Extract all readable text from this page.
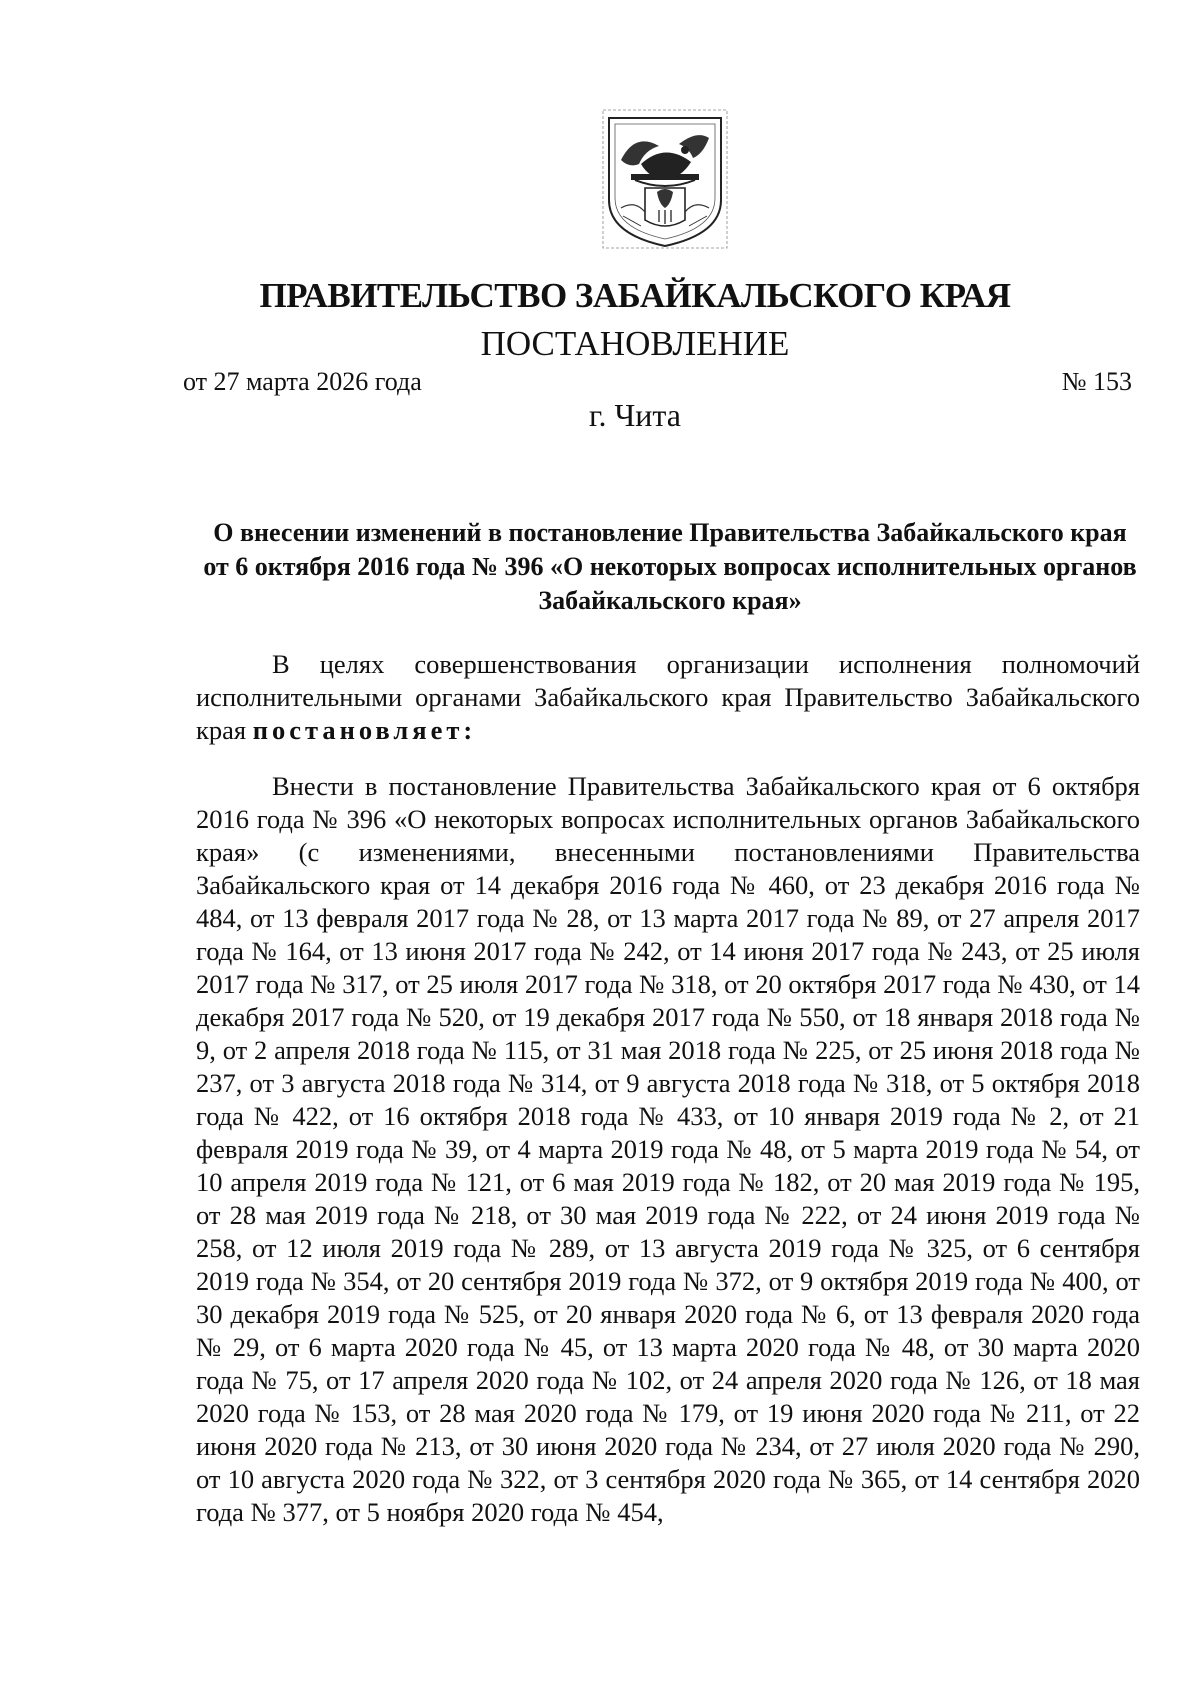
ПРАВИТЕЛЬСТВО ЗАБАЙКАЛЬСКОГО КРАЯ
ПОСТАНОВЛЕНИЕ
от 27 марта 2026 года	№ 153
г. Чита
О внесении изменений в постановление Правительства Забайкальского края от 6 октября 2016 года № 396 «О некоторых вопросах исполнительных органов Забайкальского края»

В целях совершенствования организации исполнения полномочий исполнительными органами Забайкальского края Правительство Забайкальского края постановляет:

Внести в постановление Правительства Забайкальского края от 6 октября 2016 года № 396 «О некоторых вопросах исполнительных органов Забайкальского края» (с изменениями, внесенными постановлениями Правительства Забайкальского края от 14 декабря 2016 года № 460, от 23 декабря 2016 года № 484, от 13 февраля 2017 года № 28, от 13 марта 2017 года № 89, от 27 апреля 2017 года № 164, от 13 июня 2017 года № 242, от 14 июня 2017 года № 243, от 25 июля 2017 года № 317, от 25 июля 2017 года № 318, от 20 октября 2017 года № 430, от 14 декабря 2017 года № 520, от 19 декабря 2017 года № 550, от 18 января 2018 года № 9, от 2 апреля 2018 года № 115, от 31 мая 2018 года № 225, от 25 июня 2018 года № 237, от 3 августа 2018 года № 314, от 9 августа 2018 года № 318, от 5 октября 2018 года № 422, от 16 октября 2018 года № 433, от 10 января 2019 года № 2, от 21 февраля 2019 года № 39, от 4 марта 2019 года № 48, от 5 марта 2019 года № 54, от 10 апреля 2019 года № 121, от 6 мая 2019 года № 182, от 20 мая 2019 года № 195, от 28 мая 2019 года № 218, от 30 мая 2019 года № 222, от 24 июня 2019 года № 258, от 12 июля 2019 года № 289, от 13 августа 2019 года № 325, от 6 сентября 2019 года № 354, от 20 сентября 2019 года № 372, от 9 октября 2019 года № 400, от 30 декабря 2019 года № 525, от 20 января 2020 года № 6, от 13 февраля 2020 года № 29, от 6 марта 2020 года № 45, от 13 марта 2020 года № 48, от 30 марта 2020 года № 75, от 17 апреля 2020 года № 102, от 24 апреля 2020 года № 126, от 18 мая 2020 года № 153, от 28 мая 2020 года № 179, от 19 июня 2020 года № 211, от 22 июня 2020 года № 213, от 30 июня 2020 года № 234, от 27 июля 2020 года № 290, от 10 августа 2020 года № 322, от 3 сентября 2020 года № 365, от 14 сентября 2020 года № 377, от 5 ноября 2020 года № 454,
